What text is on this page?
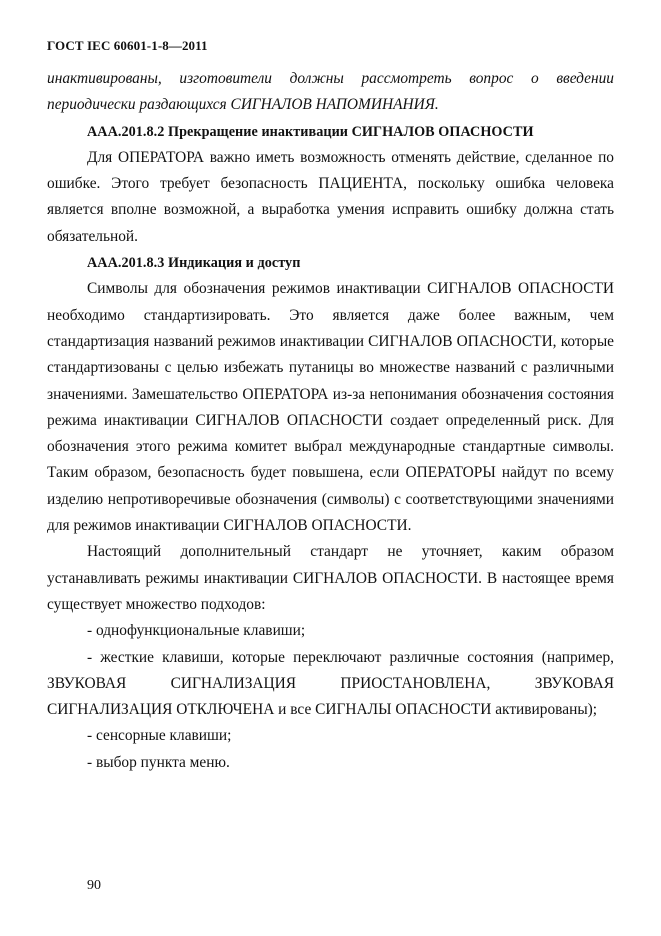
ГОСТ IEC 60601-1-8—2011

инактивированы, изготовители должны рассмотреть вопрос о введении периодически раздающихся СИГНАЛОВ НАПОМИНАНИЯ.

ААА.201.8.2 Прекращение инактивации СИГНАЛОВ ОПАСНОСТИ

Для ОПЕРАТОРА важно иметь возможность отменять действие, сделанное по ошибке. Этого требует безопасность ПАЦИЕНТА, поскольку ошибка человека является вполне возможной, а выработка умения исправить ошибку должна стать обязательной.

ААА.201.8.3 Индикация и доступ

Символы для обозначения режимов инактивации СИГНАЛОВ ОПАСНОСТИ необходимо стандартизировать. Это является даже более важным, чем стандартизация названий режимов инактивации СИГНАЛОВ ОПАСНОСТИ, которые стандартизованы с целью избежать путаницы во множестве названий с различными значениями. Замешательство ОПЕРАТОРА из-за непонимания обозначения состояния режима инактивации СИГНАЛОВ ОПАСНОСТИ создает определенный риск. Для обозначения этого режима комитет выбрал международные стандартные символы. Таким образом, безопасность будет повышена, если ОПЕРАТОРЫ найдут по всему изделию непротиворечивые обозначения (символы) с соответствующими значениями для режимов инактивации СИГНАЛОВ ОПАСНОСТИ.

Настоящий дополнительный стандарт не уточняет, каким образом устанавливать режимы инактивации СИГНАЛОВ ОПАСНОСТИ. В настоящее время существует множество подходов:

- однофункциональные клавиши;

- жесткие клавиши, которые переключают различные состояния (например, ЗВУКОВАЯ СИГНАЛИЗАЦИЯ ПРИОСТАНОВЛЕНА, ЗВУКОВАЯ СИГНАЛИЗАЦИЯ ОТКЛЮЧЕНА и все СИГНАЛЫ ОПАСНОСТИ активированы);

- сенсорные клавиши;

- выбор пункта меню.

90
